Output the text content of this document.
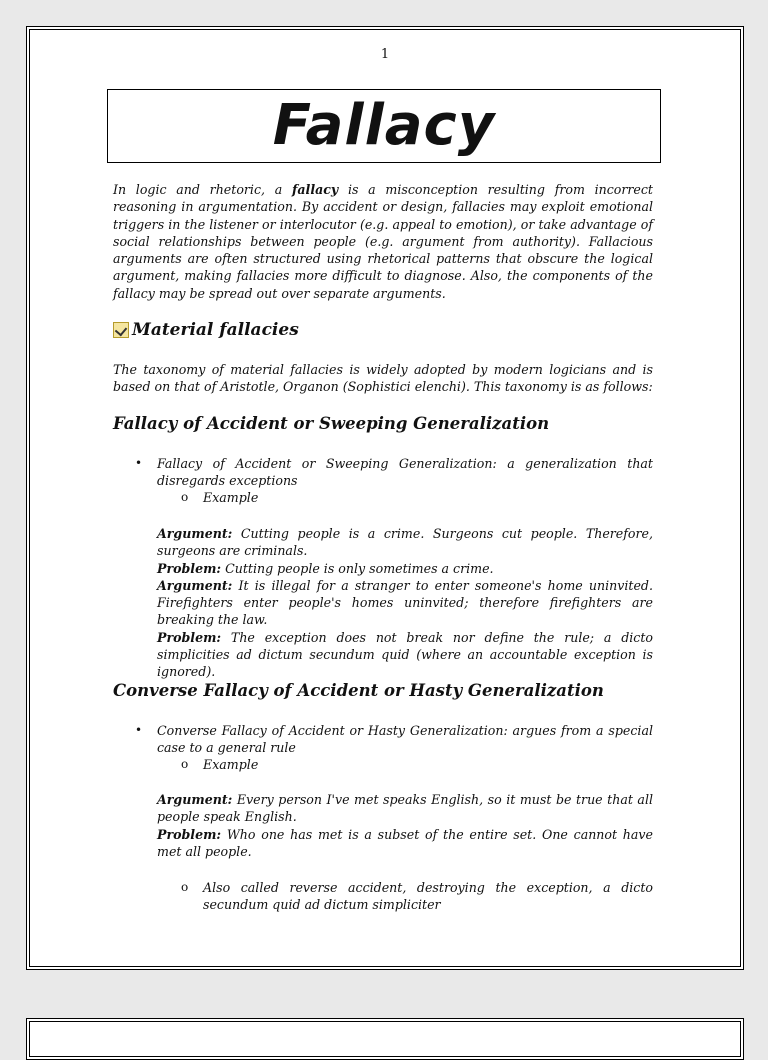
1
Fallacy

In logic and rhetoric, a fallacy is a misconception resulting from incorrect reasoning in argumentation. By accident or design, fallacies may exploit emotional triggers in the listener or interlocutor (e.g. appeal to emotion), or take advantage of social relationships between people (e.g. argument from authority). Fallacious arguments are often structured using rhetorical patterns that obscure the logical argument, making fallacies more difficult to diagnose. Also, the components of the fallacy may be spread out over separate arguments.

Material fallacies

The taxonomy of material fallacies is widely adopted by modern logicians and is based on that of Aristotle, Organon (Sophistici elenchi). This taxonomy is as follows:

Fallacy of Accident or Sweeping Generalization
• Fallacy of Accident or Sweeping Generalization: a generalization that disregards exceptions

o Example

Argument: Cutting people is a crime. Surgeons cut people. Therefore, surgeons are criminals.

Problem: Cutting people is only sometimes a crime.

Argument: It is illegal for a stranger to enter someone's home uninvited. Firefighters enter people's homes uninvited; therefore firefighters are breaking the law.

Problem: The exception does not break nor define the rule; a dicto simplicities ad dictum secundum quid (where an accountable exception is ignored).

Converse Fallacy of Accident or Hasty Generalization
• Converse Fallacy of Accident or Hasty Generalization: argues from a special case to a general rule

o Example

Argument: Every person I've met speaks English, so it must be true that all people speak English.

Problem: Who one has met is a subset of the entire set. One cannot have met all people.

o Also called reverse accident, destroying the exception, a dicto secundum quid ad dictum simpliciter
